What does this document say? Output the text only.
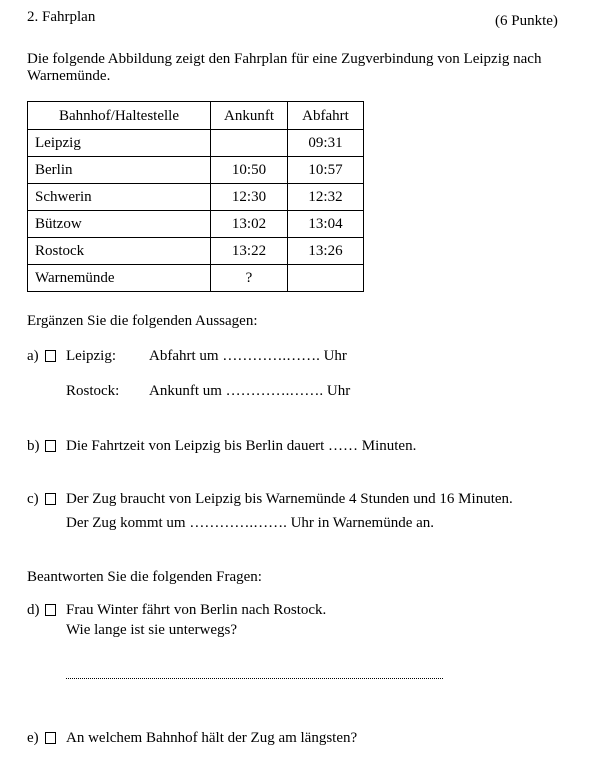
2. Fahrplan	(6 Punkte)
Die folgende Abbildung zeigt den Fahrplan für eine Zugverbindung von Leipzig nach
Warnemünde.
Bahnhof/Haltestelle	Ankunft	Abfahrt
Leipzig		09:31
Berlin	10:50	10:57
Schwerin	12:30	12:32
Bützow	13:02	13:04
Rostock	13:22	13:26
Warnemünde	?	
Ergänzen Sie die folgenden Aussagen:
a) Leipzig: Abfahrt um ………….……. Uhr
Rostock: Ankunft um ………….……. Uhr
b) Die Fahrtzeit von Leipzig bis Berlin dauert …… Minuten.
c) Der Zug braucht von Leipzig bis Warnemünde 4 Stunden und 16 Minuten.
Der Zug kommt um ………….……. Uhr in Warnemünde an.
Beantworten Sie die folgenden Fragen:
d) Frau Winter fährt von Berlin nach Rostock.
Wie lange ist sie unterwegs?
e) An welchem Bahnhof hält der Zug am längsten?
